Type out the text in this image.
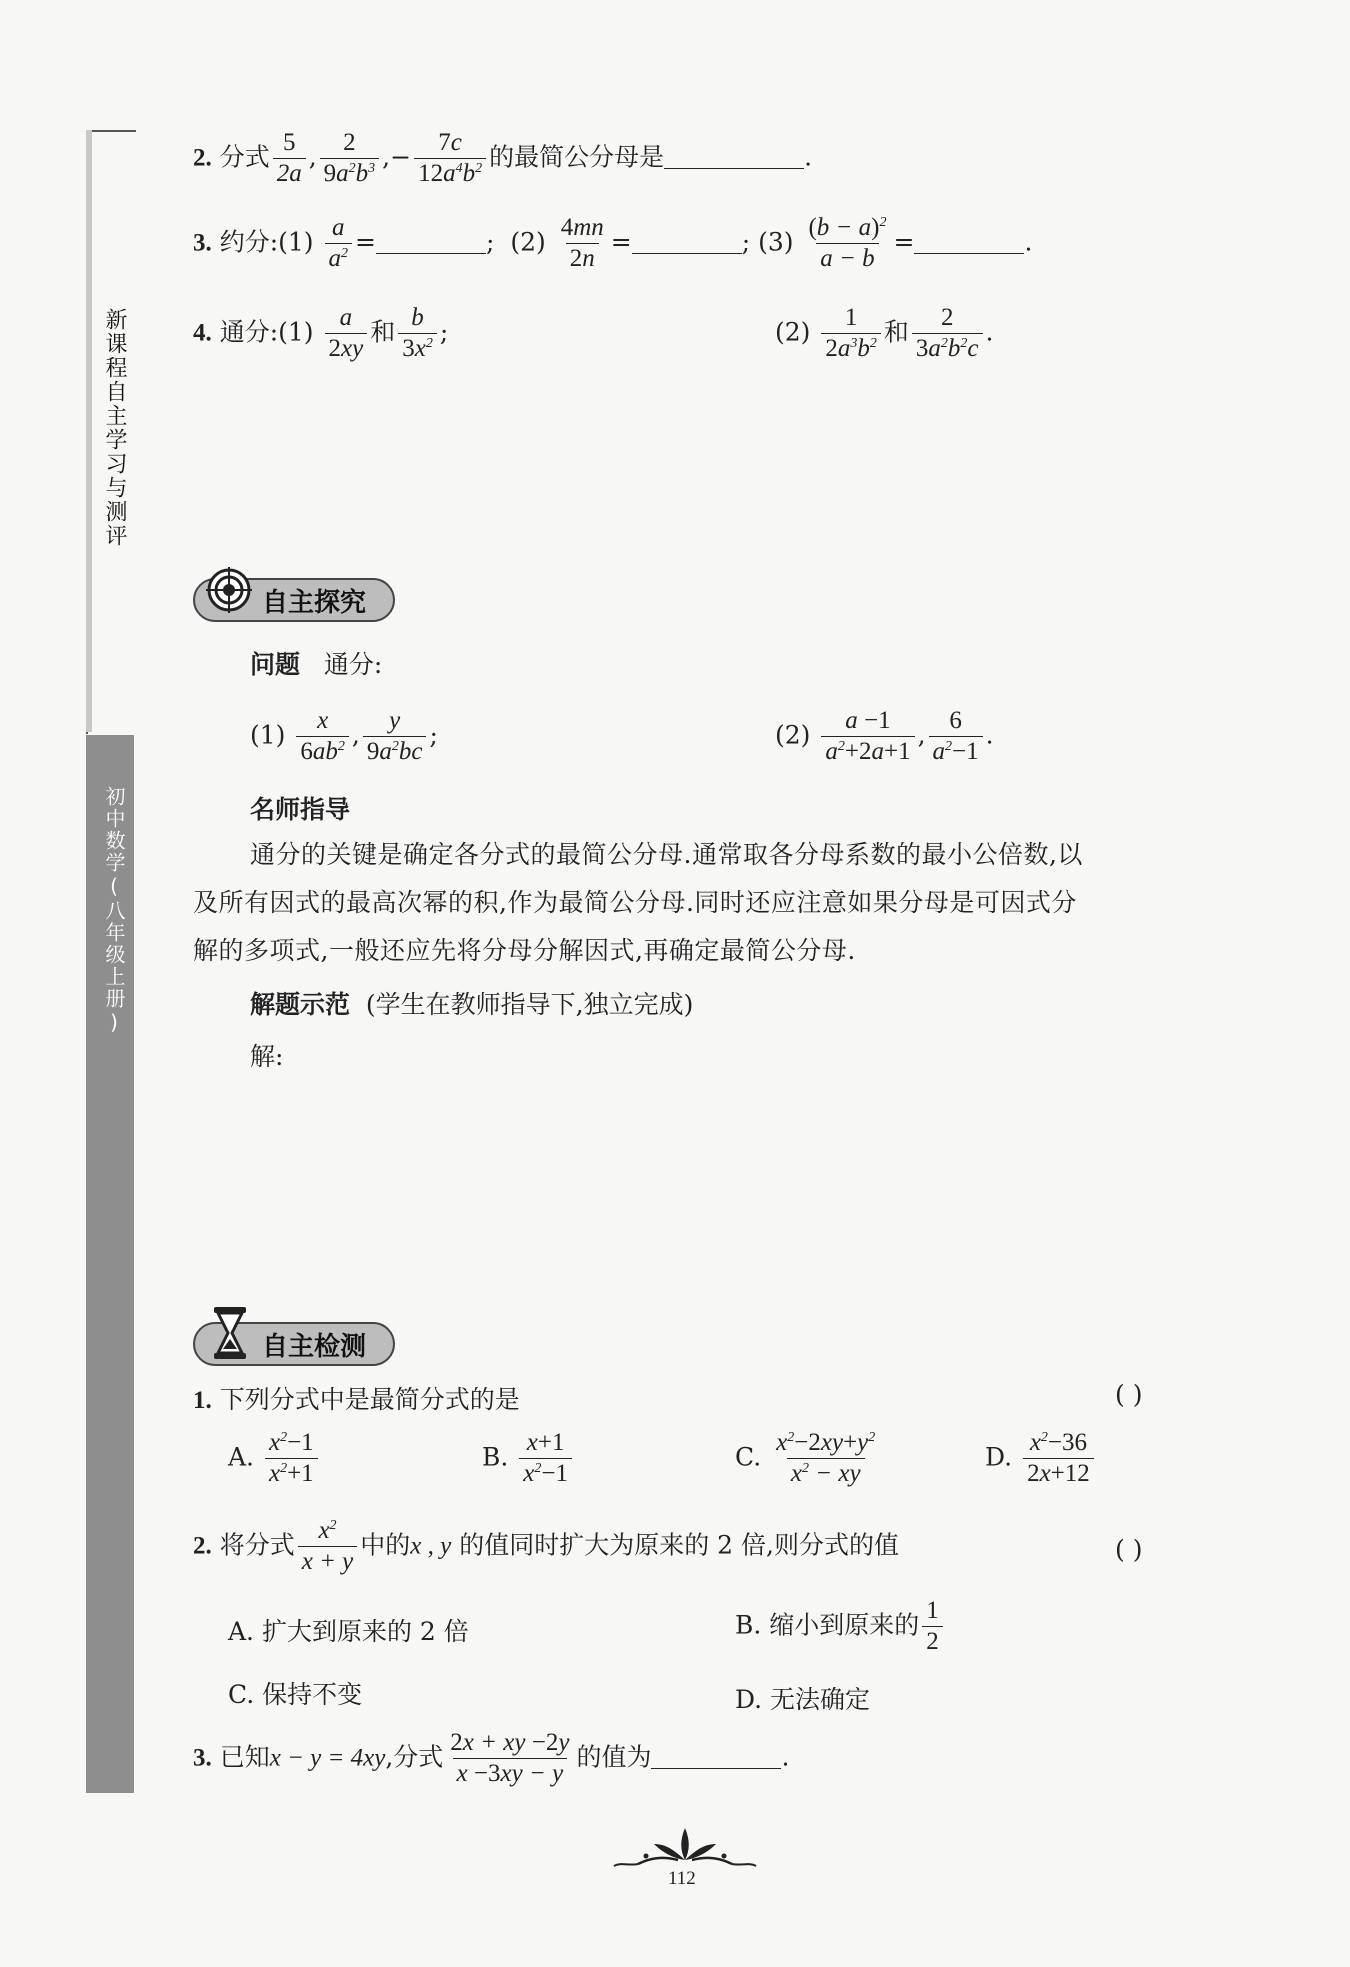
新课程自主学习与测评
初中数学(八年级上册)
2. 分式 $\frac{5}{2a}$ , $\frac{2}{9a^2b^3}$ ,− $\frac{7c}{12a^4b^2}$ 的最简公分母是	.
3. 约分:(1) $\frac{a}{a^2}$ =	; $(2) \frac{4mn}{2n}$ =	; $(3) \frac{(b - a)^2}{a - b}$ =	.
4. 通分:(1) $\frac{a}{2xy}$ 和 $\frac{b}{3x^2}$ ;	$(2) \frac{1}{2a^3b^2}$ 和 $\frac{2}{3a^2b^2c}$ .
自主探究
问题 通分:
$(1) \frac{x}{6ab^2}$ , $\frac{y}{9a^2bc}$ ;	$(2) \frac{a -1}{a^2+2a+1}$ , $\frac{6}{a^2-1}$ .
名师指导
通分的关键是确定各分式的最简公分母.通常取各分母系数的最小公倍数,以
及所有因式的最高次幂的积,作为最简公分母.同时还应注意如果分母是可因式分
解的多项式,一般还应先将分母分解因式,再确定最简公分母.
解题示范 (学生在教师指导下,独立完成)
解:
自主检测
1. 下列分式中是最简分式的是	( )
A. $\frac{x^2-1}{x^2+1}$	B. $\frac{x+1}{x^2-1}$	C. $\frac{x^2-2xy+y^2}{x^2 - xy}$	D. $\frac{x^2-36}{2x+12}$
2. 将分式 $\frac{x^2}{x + y}$ 中的x , y 的值同时扩大为原来的 2 倍,则分式的值	( )
A. 扩大到原来的 2 倍	B. 缩小到原来的 $\frac{1}{2}$
C. 保持不变	D. 无法确定
3. 已知x − y = 4xy,分式 $\frac{2x + xy -2y}{x -3xy - y}$ 的值为	.
112
